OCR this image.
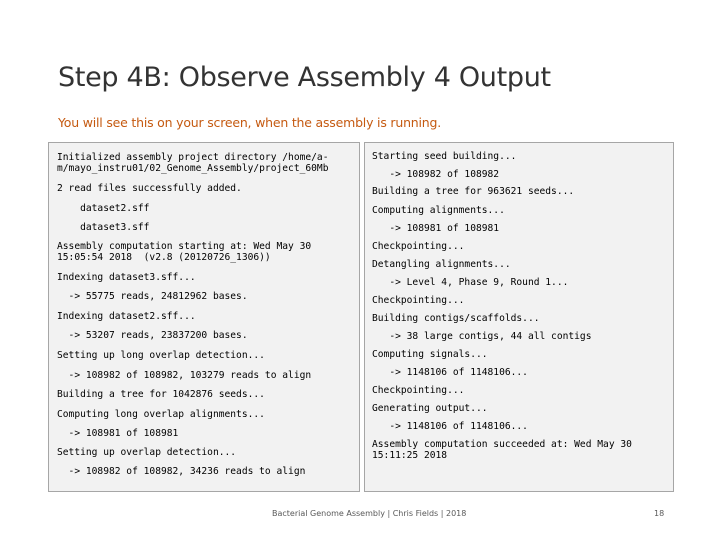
Step 4B: Observe Assembly 4 Output
You will see this on your screen, when the assembly is running.
Initialized assembly project directory /home/a-
m/mayo_instru01/02_Genome_Assembly/project_60Mb
2 read files successfully added.
dataset2.sff
dataset3.sff
Assembly computation starting at: Wed May 30
15:05:54 2018  (v2.8 (20120726_1306))
Indexing dataset3.sff...
-> 55775 reads, 24812962 bases.
Indexing dataset2.sff...
-> 53207 reads, 23837200 bases.
Setting up long overlap detection...
-> 108982 of 108982, 103279 reads to align
Building a tree for 1042876 seeds...
Computing long overlap alignments...
-> 108981 of 108981
Setting up overlap detection...
-> 108982 of 108982, 34236 reads to align
Starting seed building...
-> 108982 of 108982
Building a tree for 963621 seeds...
Computing alignments...
-> 108981 of 108981
Checkpointing...
Detangling alignments...
-> Level 4, Phase 9, Round 1...
Checkpointing...
Building contigs/scaffolds...
-> 38 large contigs, 44 all contigs
Computing signals...
-> 1148106 of 1148106...
Checkpointing...
Generating output...
-> 1148106 of 1148106...
Assembly computation succeeded at: Wed May 30
15:11:25 2018
Bacterial Genome Assembly | Chris Fields | 2018	18
